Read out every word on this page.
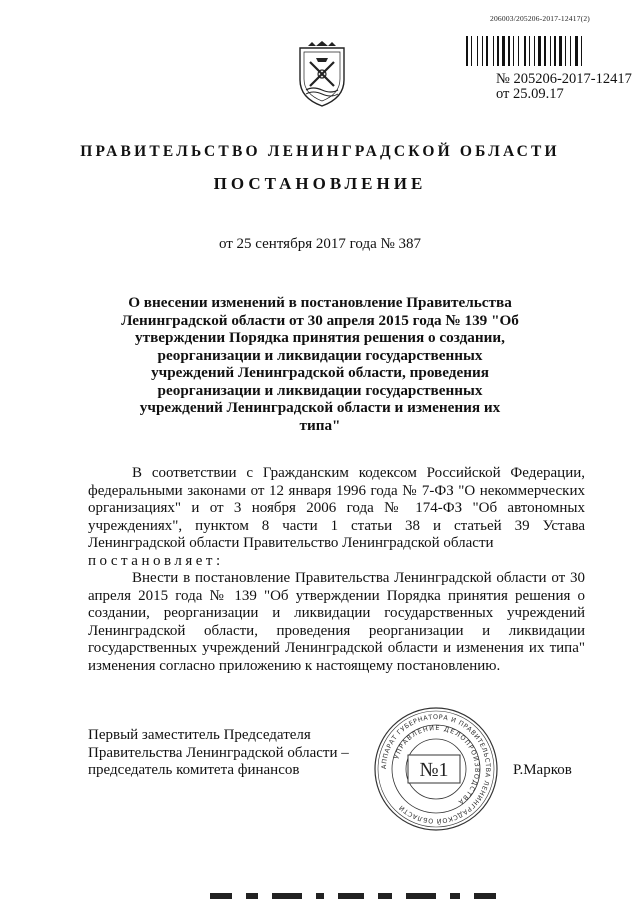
206003/205206-2017-12417(2)
№ 205206-2017-12417
от 25.09.17
ПРАВИТЕЛЬСТВО ЛЕНИНГРАДСКОЙ ОБЛАСТИ
ПОСТАНОВЛЕНИЕ
от 25 сентября 2017 года № 387
О внесении изменений в постановление Правительства Ленинградской области от 30 апреля 2015 года № 139 "Об утверждении Порядка принятия решения о создании, реорганизации и ликвидации государственных учреждений Ленинградской области, проведения реорганизации и ликвидации государственных учреждений Ленинградской области и изменения их типа"

В соответствии с Гражданским кодексом Российской Федерации, федеральными законами от 12 января 1996 года № 7-ФЗ "О некоммерческих организациях" и от 3 ноября 2006 года № 174-ФЗ "Об автономных учреждениях", пунктом 8 части 1 статьи 38 и статьей 39 Устава Ленинградской области Правительство Ленинградской области

постановляет:

Внести в постановление Правительства Ленинградской области от 30 апреля 2015 года № 139 "Об утверждении Порядка принятия решения о создании, реорганизации и ликвидации государственных учреждений Ленинградской области, проведения реорганизации и ликвидации государственных учреждений Ленинградской области и изменения их типа" изменения согласно приложению к настоящему постановлению.

Первый заместитель Председателя
Правительства Ленинградской области –
председатель комитета финансов	АППАРАТ ГУБЕРНАТОРА И ПРАВИТЕЛЬСТВА ЛЕНИНГРАДСКОЙ ОБЛАСТИ
УПРАВЛЕНИЕ ДЕЛОПРОИЗВОДСТВА
№1	Р.Марков
